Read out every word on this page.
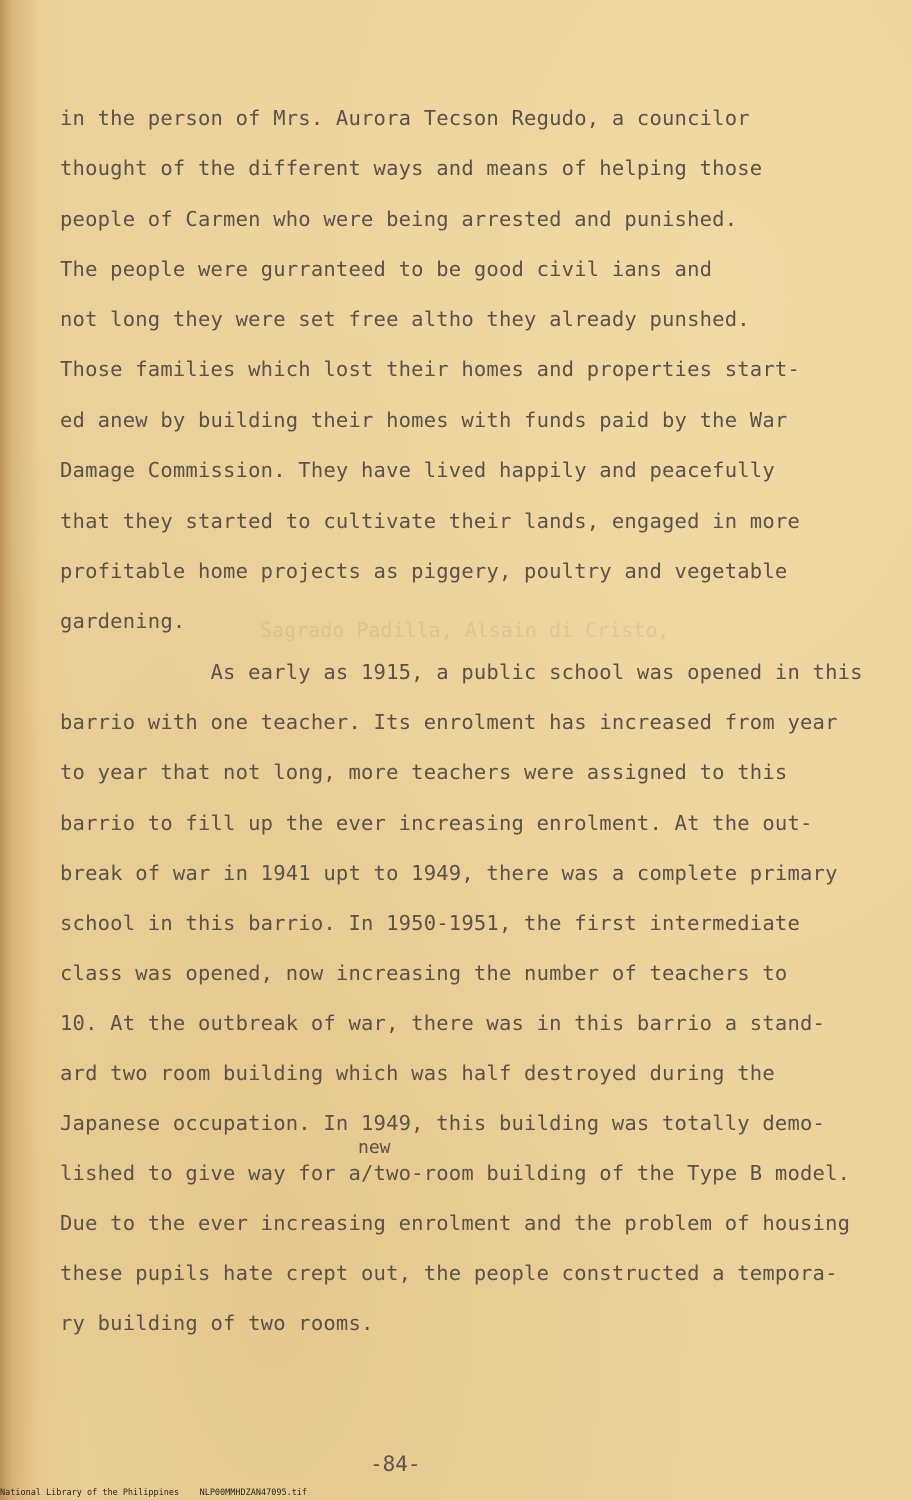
Sagrado Padilla, Alsain di Cristo,

in the person of Mrs. Aurora Tecson Regudo, a councilor

thought of the different ways and means of helping those

people of Carmen who were being arrested and punished.

The people were gurranteed to be good civil ians and

not long they were set free altho they already punshed.

Those families which lost their homes and properties start-

ed anew by building their homes with funds paid by the War

Damage Commission. They have lived happily and peacefully

that they started to cultivate their lands, engaged in more

profitable home projects as piggery, poultry and vegetable

gardening.

As early as 1915, a public school was opened in this

barrio with one teacher. Its enrolment has increased from year

to year that not long, more teachers were assigned to this

barrio to fill up the ever increasing enrolment. At the out-

break of war in 1941 upt to 1949, there was a complete primary

school in this barrio. In 1950-1951, the first intermediate

class was opened, now increasing the number of teachers to

10. At the outbreak of war, there was in this barrio a stand-

ard two room building which was half destroyed during the

Japanese occupation. In 1949, this building was totally demo-

lished to give way for a/two-room building of the Type B model.

Due to the ever increasing enrolment and the problem of housing

these pupils hate crept out, the people constructed a tempora-

ry building of two rooms.

new
-84-
National Library of the Philippines    NLP00MMHDZAN47095.tif
